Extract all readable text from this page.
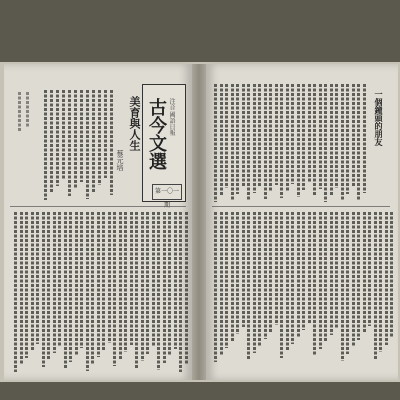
古今文選 注音 國語日報
第一〇一
美育與人生
蔡元培
一個鐘頭的朋友
